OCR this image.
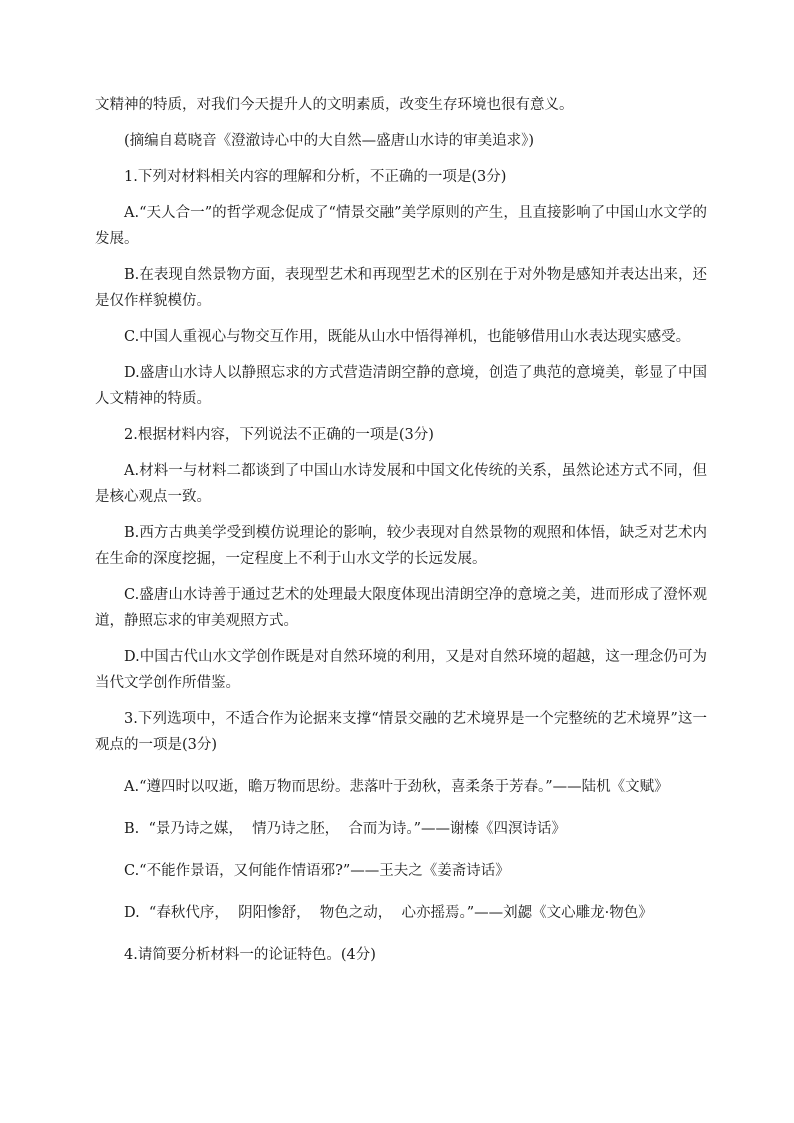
文精神的特质，对我们今天提升人的文明素质，改变生存环境也很有意义。

(摘编自葛晓音《澄澈诗心中的大自然—盛唐山水诗的审美追求》)

1.下列对材料相关内容的理解和分析，不正确的一项是(3分)

A.“天人合一”的哲学观念促成了“情景交融”美学原则的产生，且直接影响了中国山水文学的发展。

B.在表现自然景物方面，表现型艺术和再现型艺术的区别在于对外物是感知并表达出来，还是仅作样貌模仿。

C.中国人重视心与物交互作用，既能从山水中悟得禅机，也能够借用山水表达现实感受。

D.盛唐山水诗人以静照忘求的方式营造清朗空静的意境，创造了典范的意境美，彰显了中国人文精神的特质。

2.根据材料内容，下列说法不正确的一项是(3分)

A.材料一与材料二都谈到了中国山水诗发展和中国文化传统的关系，虽然论述方式不同，但是核心观点一致。

B.西方古典美学受到模仿说理论的影响，较少表现对自然景物的观照和体悟，缺乏对艺术内在生命的深度挖掘，一定程度上不利于山水文学的长远发展。

C.盛唐山水诗善于通过艺术的处理最大限度体现出清朗空净的意境之美，进而形成了澄怀观道，静照忘求的审美观照方式。

D.中国古代山水文学创作既是对自然环境的利用，又是对自然环境的超越，这一理念仍可为当代文学创作所借鉴。

3.下列选项中，不适合作为论据来支撑“情景交融的艺术境界是一个完整统的艺术境界”这一观点的一项是(3分)

A.“遵四时以叹逝，瞻万物而思纷。悲落叶于劲秋，喜柔条于芳春。”——陆机《文赋》

B.  “景乃诗之媒，  情乃诗之胚，  合而为诗。”——谢榛《四溟诗话》

C.“不能作景语，又何能作情语邪?”——王夫之《姜斋诗话》

D.  “春秋代序，  阴阳惨舒，  物色之动，  心亦摇焉。”——刘勰《文心雕龙·物色》

4.请简要分析材料一的论证特色。(4分)
